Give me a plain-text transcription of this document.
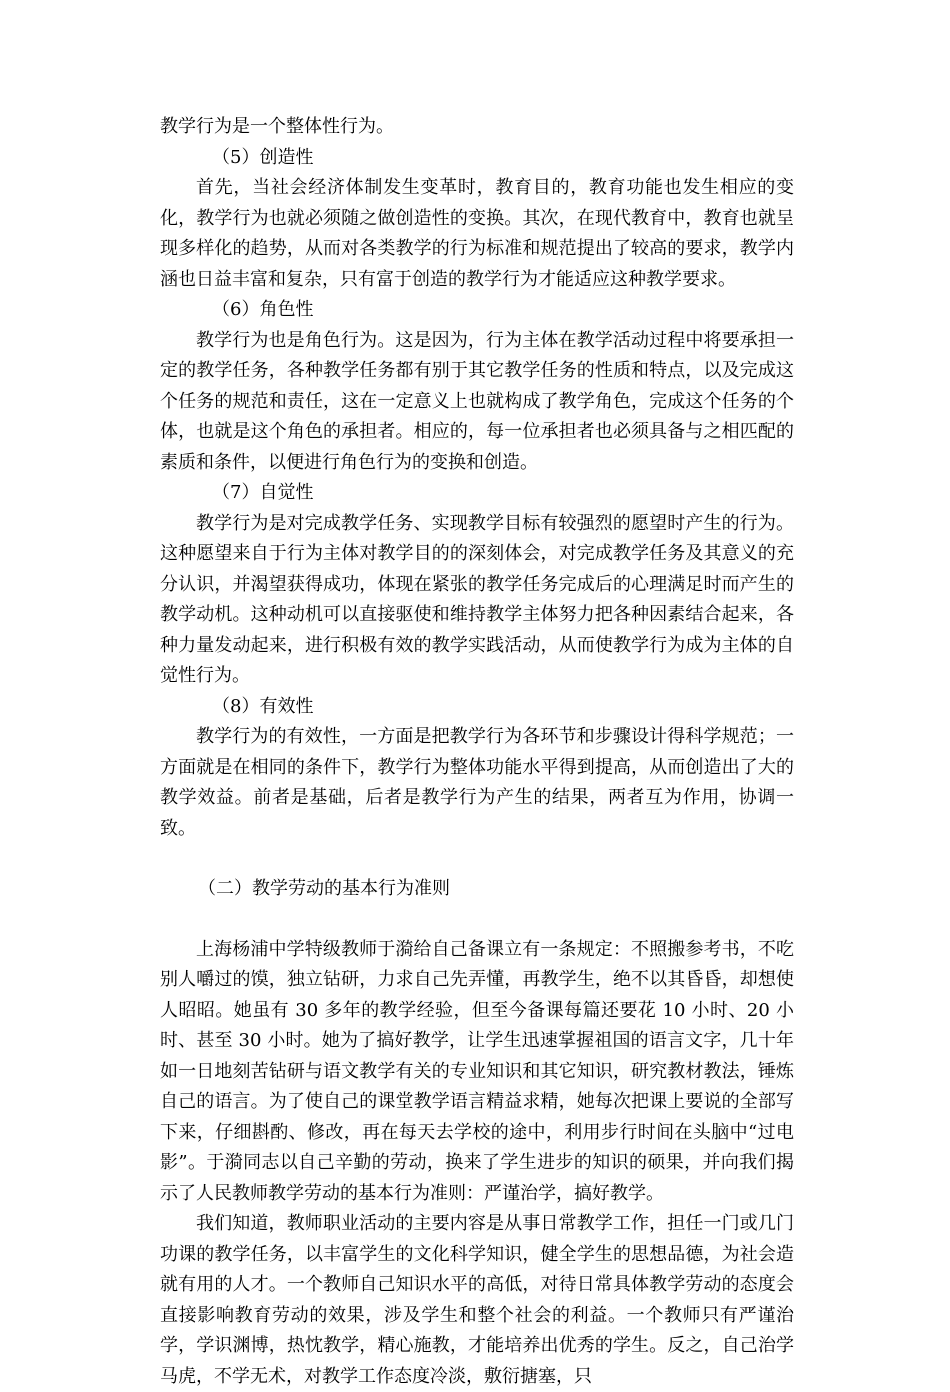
教学行为是一个整体性行为。

（5）创造性

首先，当社会经济体制发生变革时，教育目的，教育功能也发生相应的变化，教学行为也就必须随之做创造性的变换。其次，在现代教育中，教育也就呈现多样化的趋势，从而对各类教学的行为标准和规范提出了较高的要求，教学内涵也日益丰富和复杂，只有富于创造的教学行为才能适应这种教学要求。

（6）角色性

教学行为也是角色行为。这是因为，行为主体在教学活动过程中将要承担一定的教学任务，各种教学任务都有别于其它教学任务的性质和特点，以及完成这个任务的规范和责任，这在一定意义上也就构成了教学角色，完成这个任务的个体，也就是这个角色的承担者。相应的，每一位承担者也必须具备与之相匹配的素质和条件，以便进行角色行为的变换和创造。

（7）自觉性

教学行为是对完成教学任务、实现教学目标有较强烈的愿望时产生的行为。这种愿望来自于行为主体对教学目的的深刻体会，对完成教学任务及其意义的充分认识，并渴望获得成功，体现在紧张的教学任务完成后的心理满足时而产生的教学动机。这种动机可以直接驱使和维持教学主体努力把各种因素结合起来，各种力量发动起来，进行积极有效的教学实践活动，从而使教学行为成为主体的自觉性行为。

（8）有效性

教学行为的有效性，一方面是把教学行为各环节和步骤设计得科学规范；一方面就是在相同的条件下，教学行为整体功能水平得到提高，从而创造出了大的教学效益。前者是基础，后者是教学行为产生的结果，两者互为作用，协调一致。

（二）教学劳动的基本行为准则

上海杨浦中学特级教师于漪给自己备课立有一条规定：不照搬参考书，不吃别人嚼过的馍，独立钻研，力求自己先弄懂，再教学生，绝不以其昏昏，却想使人昭昭。她虽有 30 多年的教学经验，但至今备课每篇还要花 10 小时、20 小时、甚至 30 小时。她为了搞好教学，让学生迅速掌握祖国的语言文字，几十年如一日地刻苦钻研与语文教学有关的专业知识和其它知识，研究教材教法，锤炼自己的语言。为了使自己的课堂教学语言精益求精，她每次把课上要说的全部写下来，仔细斟酌、修改，再在每天去学校的途中，利用步行时间在头脑中“过电影”。于漪同志以自己辛勤的劳动，换来了学生进步的知识的硕果，并向我们揭示了人民教师教学劳动的基本行为准则：严谨治学，搞好教学。

我们知道，教师职业活动的主要内容是从事日常教学工作，担任一门或几门功课的教学任务，以丰富学生的文化科学知识，健全学生的思想品德，为社会造就有用的人才。一个教师自己知识水平的高低，对待日常具体教学劳动的态度会直接影响教育劳动的效果，涉及学生和整个社会的利益。一个教师只有严谨治学，学识渊博，热忱教学，精心施教，才能培养出优秀的学生。反之，自己治学马虎，不学无术，对教学工作态度冷淡，敷衍搪塞，只
